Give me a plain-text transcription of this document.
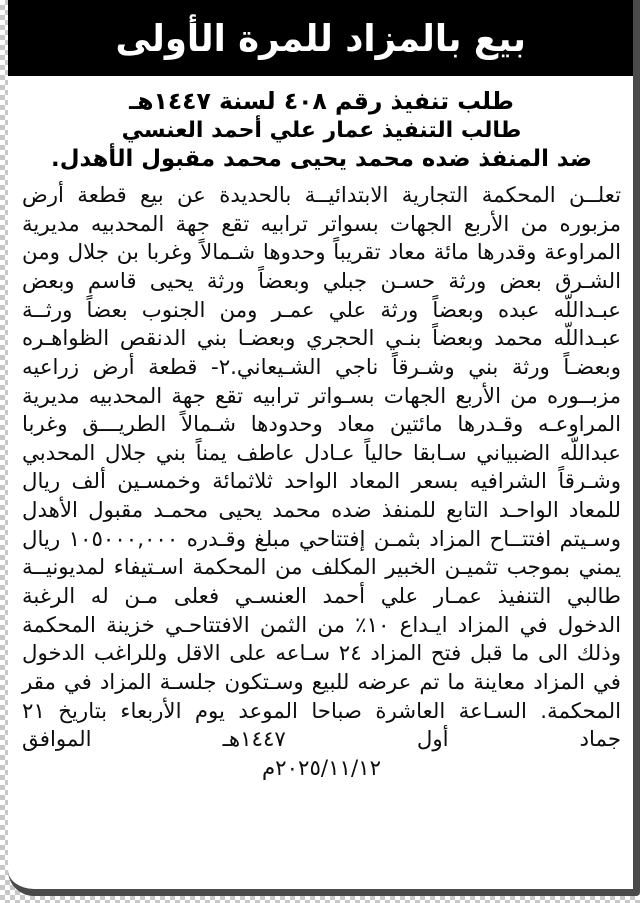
بيع بالمزاد للمرة الأولى
طلب تنفيذ رقم ٤٠٨ لسنة ١٤٤٧هـ
طالب التنفيذ عمار علي أحمد العنسي
ضد المنفذ ضده محمد يحيى محمد مقبول الأهدل.

تعلــن المحكمة التجارية الابتدائيــة بالحديدة عن بيع قطعة أرض مزبوره من الأربع الجهات بسواتر ترابيه تقع جهة المحدبيه مديرية المراوعة وقدرها مائة معاد تقريباً وحدوها شـمالاً وغربا بن جلال ومن الشـرق بعض ورثة حسـن جبلي وبعضاً ورثة يحيى قاسم وبعض عبـداللّه عبده وبعضاً ورثة علي عمـر ومن الجنوب بعضاً ورثــة عبـداللّه محمد وبعضاً بنـي الحجري وبعضـا بني الدنقص الظواهـره وبعضـاً ورثة بني وشـرقاً ناجي الشـيعاني.٢- قطعة أرض زراعيه مزبــوره من الأربع الجهات بسـواتر ترابيه تقع جهة المحدبيه مديرية المراوعـه وقـدرها مائتين معاد وحدودها شـمالاً الطريـــق وغربا عبداللّه الضبياني سـابقا حالياً عـادل عاطف يمناً بني جلال المحدبي وشـرقاً الشرافيه بسعر المعاد الواحد ثلاثمائة وخمسـين ألف ريال للمعاد الواحـد التابع للمنفذ ضده محمد يحيى محمـد مقبول الأهدل وسـيتم افتتــاح المزاد بثمـن إفتتاحي مبلغ وقـدره ١٠٥٠٠٠,٠٠٠ ريال يمني بموجب تثميـن الخبير المكلف من المحكمة اسـتيفاء لمديونيــة طالبي التنفيذ عمـار علي أحمد العنسـي فعلى مـن له الرغبة الدخول في المزاد ايـداع ١٠٪ من الثمن الافتتاحـي خزينة المحكمة وذلك الى ما قبل فتح المزاد ٢٤ سـاعه على الاقل وللراغب الدخول في المزاد معاينة ما تم عرضه للبيع وسـتكون جلسـة المزاد في مقر المحكمة. السـاعة العاشرة صباحا الموعد يوم الأربعاء بتاريخ ٢١ جماد أول ١٤٤٧هـ الموافق

٢٠٢٥/١١/١٢م
